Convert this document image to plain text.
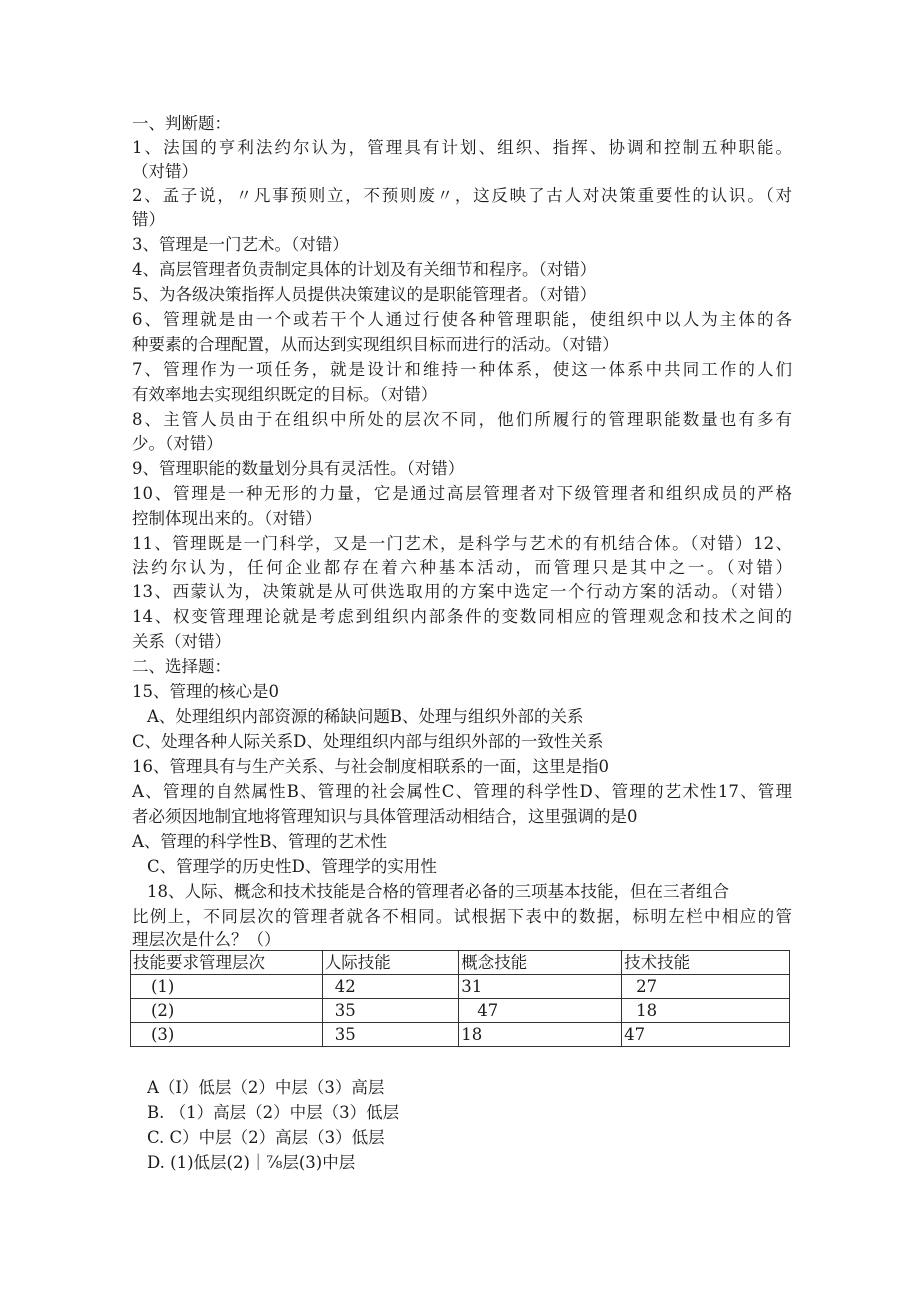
一、判断题：
1、法国的亨利法约尔认为，管理具有计划、组织、指挥、协调和控制五种职能。
（对错）
2、孟子说，〃凡事预则立，不预则废〃，这反映了古人对决策重要性的认识。（对
错）
3、管理是一门艺术。（对错）
4、高层管理者负责制定具体的计划及有关细节和程序。（对错）
5、为各级决策指挥人员提供决策建议的是职能管理者。（对错）
6、管理就是由一个或若干个人通过行使各种管理职能，使组织中以人为主体的各
种要素的合理配置，从而达到实现组织目标而进行的活动。（对错）
7、管理作为一项任务，就是设计和维持一种体系，使这一体系中共同工作的人们
有效率地去实现组织既定的目标。（对错）
8、主管人员由于在组织中所处的层次不同，他们所履行的管理职能数量也有多有
少。（对错）
9、管理职能的数量划分具有灵活性。（对错）
10、管理是一种无形的力量，它是通过高层管理者对下级管理者和组织成员的严格
控制体现出来的。（对错）
11、管理既是一门科学，又是一门艺术，是科学与艺术的有机结合体。（对错）12、
法约尔认为，任何企业都存在着六种基本活动，而管理只是其中之一。（对错）
13、西蒙认为，决策就是从可供选取用的方案中选定一个行动方案的活动。（对错）
14、权变管理理论就是考虑到组织内部条件的变数同相应的管理观念和技术之间的
关系（对错）
二、选择题：
15、管理的核心是0
A、处理组织内部资源的稀缺问题B、处理与组织外部的关系
C、处理各种人际关系D、处理组织内部与组织外部的一致性关系
16、管理具有与生产关系、与社会制度相联系的一面，这里是指0
A、管理的自然属性B、管理的社会属性C、管理的科学性D、管理的艺术性17、管理
者必须因地制宜地将管理知识与具体管理活动相结合，这里强调的是0
A、管理的科学性B、管理的艺术性
C、管理学的历史性D、管理学的实用性
18、人际、概念和技术技能是合格的管理者必备的三项基本技能，但在三者组合
比例上，不同层次的管理者就各不相同。试根据下表中的数据，标明左栏中相应的管
理层次是什么？（）
技能要求管理层次	人际技能	概念技能	技术技能
(1)	42	31	27
(2)	35	47	18
(3)	35	18	47
A（I）低层（2）中层（3）高层
B. （1）高层（2）中层（3）低层
C. C）中层（2）高层（3）低层
D. (1)低层(2)｜⅞层(3)中层
